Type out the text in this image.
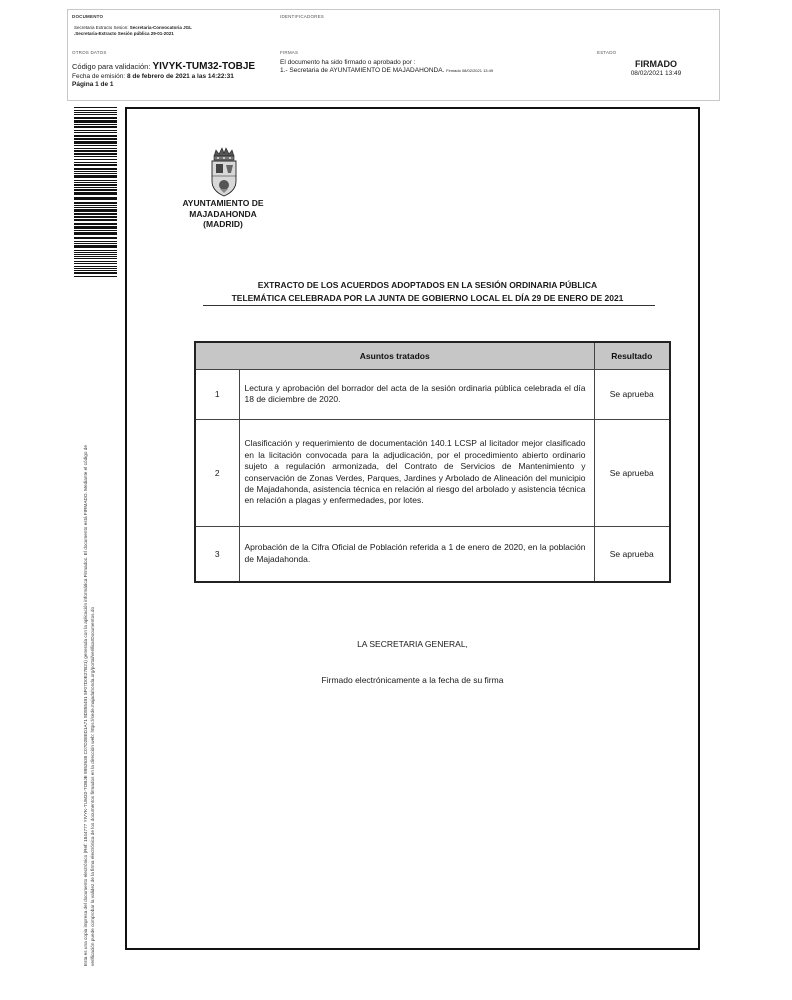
DOCUMENTO
Secretaria Extracto Sesion: Secretaria-Convocatoria JGL
.Secretaria-Extracto Sesión pública 29-01-2021
IDENTIFICADORES
OTROS DATOS
Código para validación: YIVYK-TUM32-TOBJE
Fecha de emisión: 8 de febrero de 2021 a las 14:22:31
Página 1 de 1
FIRMAS
El documento ha sido firmado o aprobado por :
1.- Secretaria de AYUNTAMIENTO DE MAJADAHONDA. Firmado 08/02/2021 13:49
ESTADO
FIRMADO
08/02/2021 13:49
Esta es una copia impresa del documento electrónico (Ref: 1844777 YIVYK-TUM32-TOBJE 8952635 C07D2EED1A71 8D855491 5F07D0E27B21) generada con la aplicación informática Firmadoc. El documento está FIRMADO. Mediante el código de verificación puede comprobar la validez de la firma electrónica de los documentos firmados en la dirección web: https://sede.majadahonda.org/portal/verificarDocumentos.do
AYUNTAMIENTO DE
MAJADAHONDA
(MADRID)
EXTRACTO DE LOS ACUERDOS ADOPTADOS EN LA SESIÓN ORDINARIA PÚBLICA
TELEMÁTICA CELEBRADA POR LA JUNTA DE GOBIERNO LOCAL EL DÍA 29 DE ENERO DE 2021
Asuntos tratados		Resultado
1	Lectura y aprobación del borrador del acta de la sesión ordinaria pública celebrada el día 18 de diciembre de 2020.	Se aprueba
2	Clasificación y requerimiento de documentación 140.1 LCSP al licitador mejor clasificado en la licitación convocada para la adjudicación, por el procedimiento abierto ordinario sujeto a regulación armonizada, del Contrato de Servicios de Mantenimiento y conservación de Zonas Verdes, Parques, Jardines y Arbolado de Alineación del municipio de Majadahonda, asistencia técnica en relación al riesgo del arbolado y asistencia técnica en relación a plagas y enfermedades, por lotes.	Se aprueba
3	Aprobación de la Cifra Oficial de Población referida a 1 de enero de 2020, en la población de Majadahonda.	Se aprueba
LA SECRETARIA GENERAL,
Firmado electrónicamente a la fecha de su firma
